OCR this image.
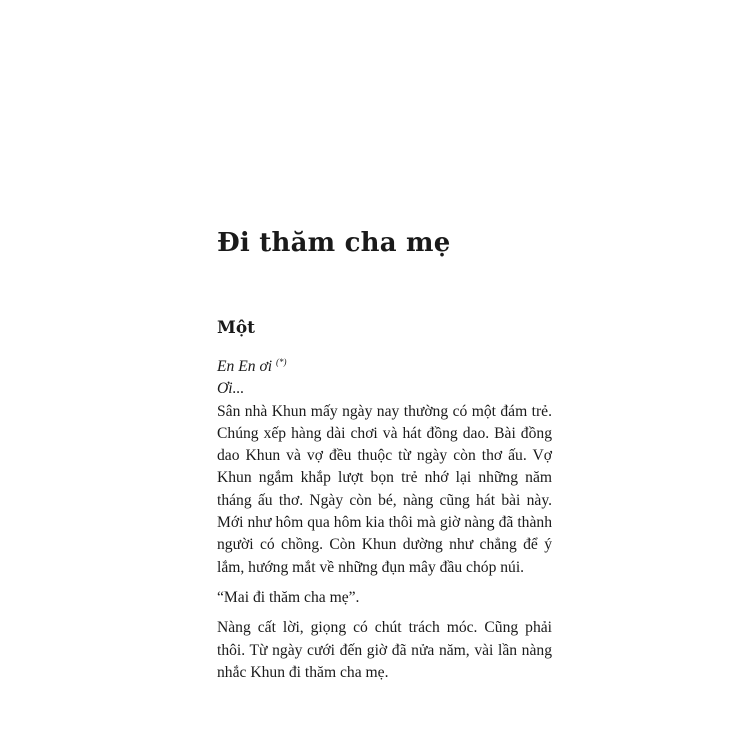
Đi thăm cha mẹ
Một

En En ơi (*)

Ơi...

Sân nhà Khun mấy ngày nay thường có một đám trẻ. Chúng xếp hàng dài chơi và hát đồng dao. Bài đồng dao Khun và vợ đều thuộc từ ngày còn thơ ấu. Vợ Khun ngắm khắp lượt bọn trẻ nhớ lại những năm tháng ấu thơ. Ngày còn bé, nàng cũng hát bài này. Mới như hôm qua hôm kia thôi mà giờ nàng đã thành người có chồng. Còn Khun dường như chẳng để ý lắm, hướng mắt về những đụn mây đầu chóp núi.

“Mai đi thăm cha mẹ”.

Nàng cất lời, giọng có chút trách móc. Cũng phải thôi. Từ ngày cưới đến giờ đã nửa năm, vài lần nàng nhắc Khun đi thăm cha mẹ.
